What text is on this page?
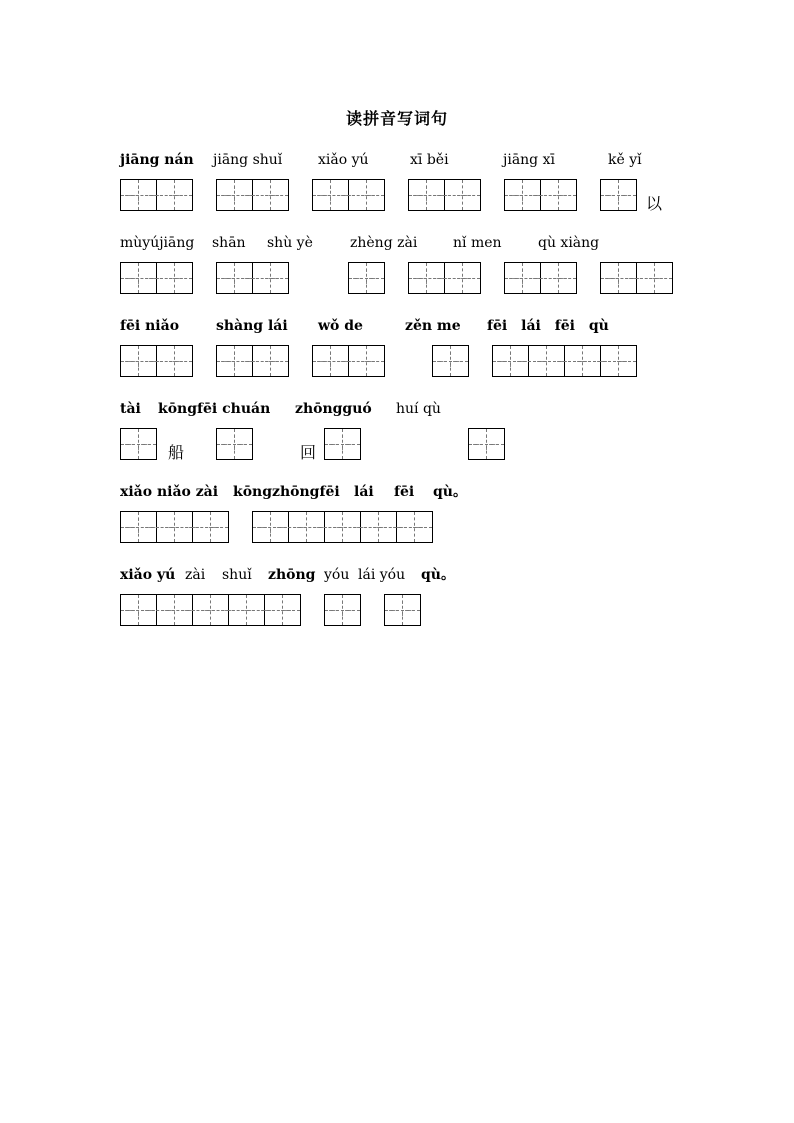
读拼音写词句
jiāng nán jiāng shuǐ	xiǎo yú	xī běi	jiāng xī	kě yǐ
以
mùyújiāng shān shù yè	zhèng zài	nǐ men	qù xiàng
fēi niǎo	shàng lái wǒ de	zěn me fēi lái fēi qù
tài kōngfēi chuán zhōngguó huí qù
船	回
xiǎo niǎo zài kōngzhōngfēi lái fēi qù。
xiǎo yú zài shuǐ zhōng yóu lái yóu qù。
